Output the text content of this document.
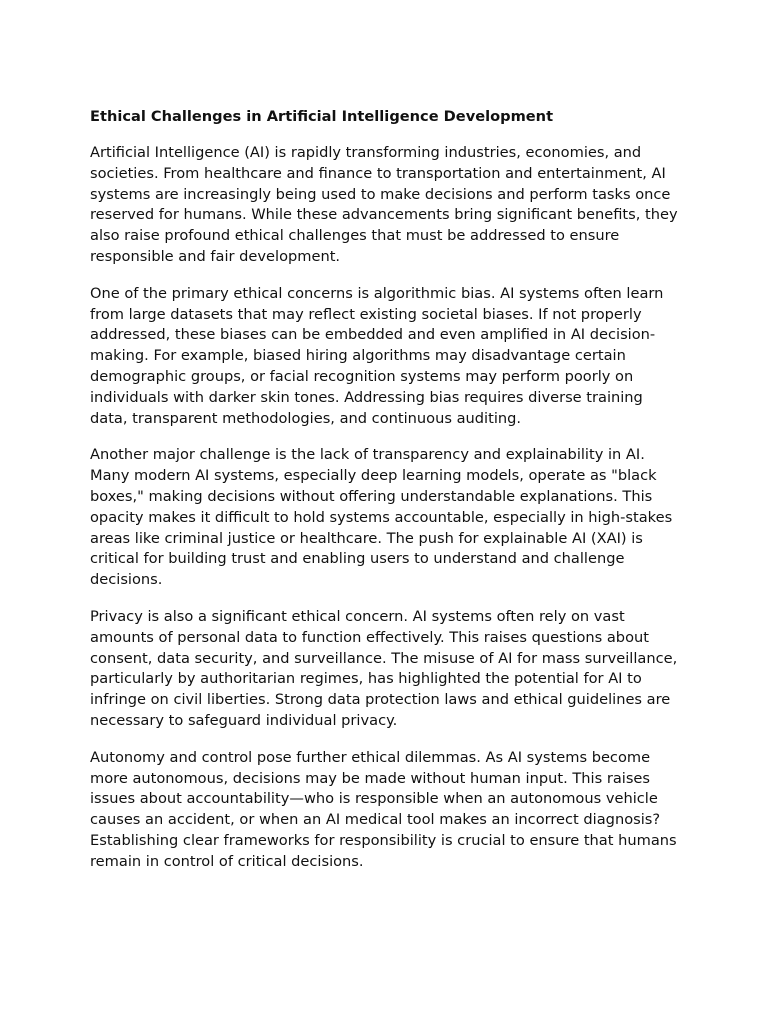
Ethical Challenges in Artificial Intelligence Development

Artificial Intelligence (AI) is rapidly transforming industries, economies, and societies. From healthcare and finance to transportation and entertainment, AI systems are increasingly being used to make decisions and perform tasks once reserved for humans. While these advancements bring significant benefits, they also raise profound ethical challenges that must be addressed to ensure responsible and fair development.

One of the primary ethical concerns is algorithmic bias. AI systems often learn from large datasets that may reflect existing societal biases. If not properly addressed, these biases can be embedded and even amplified in AI decision-making. For example, biased hiring algorithms may disadvantage certain demographic groups, or facial recognition systems may perform poorly on individuals with darker skin tones. Addressing bias requires diverse training data, transparent methodologies, and continuous auditing.

Another major challenge is the lack of transparency and explainability in AI. Many modern AI systems, especially deep learning models, operate as "black boxes," making decisions without offering understandable explanations. This opacity makes it difficult to hold systems accountable, especially in high-stakes areas like criminal justice or healthcare. The push for explainable AI (XAI) is critical for building trust and enabling users to understand and challenge decisions.

Privacy is also a significant ethical concern. AI systems often rely on vast amounts of personal data to function effectively. This raises questions about consent, data security, and surveillance. The misuse of AI for mass surveillance, particularly by authoritarian regimes, has highlighted the potential for AI to infringe on civil liberties. Strong data protection laws and ethical guidelines are necessary to safeguard individual privacy.

Autonomy and control pose further ethical dilemmas. As AI systems become more autonomous, decisions may be made without human input. This raises issues about accountability—who is responsible when an autonomous vehicle causes an accident, or when an AI medical tool makes an incorrect diagnosis? Establishing clear frameworks for responsibility is crucial to ensure that humans remain in control of critical decisions.
